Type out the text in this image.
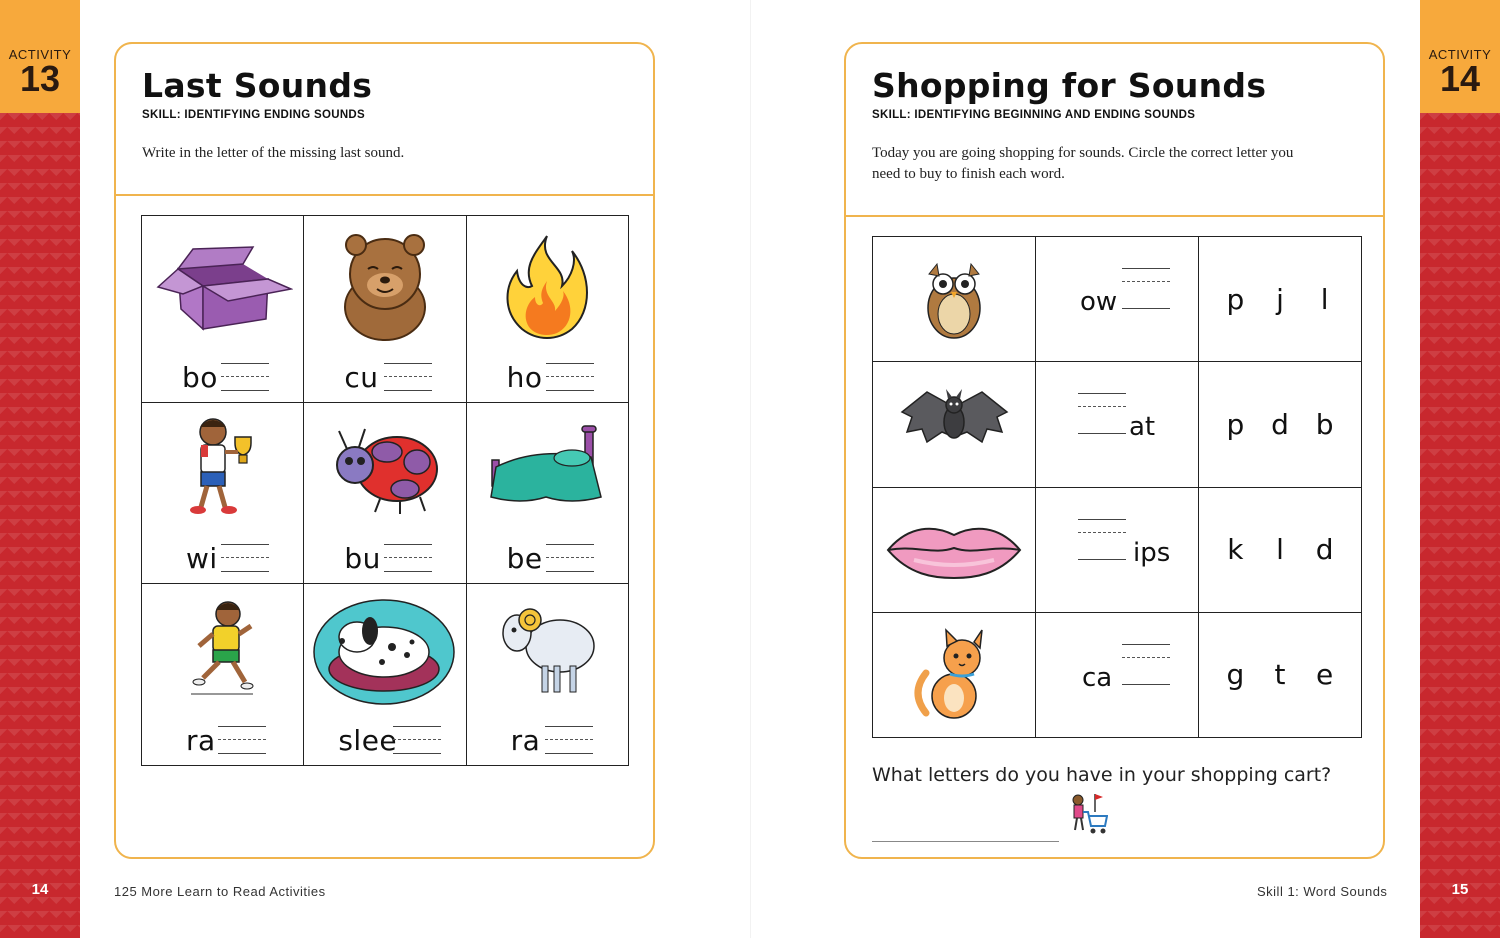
ACTIVITY
13
14
ACTIVITY
14
15
125 More Learn to Read Activities	Skill 1: Word Sounds
Last Sounds
SKILL: IDENTIFYING ENDING SOUNDS
Write in the letter of the missing last sound.
bo	cu	ho

wi	bu	be

ra	slee	ra
Shopping for Sounds
SKILL: IDENTIFYING BEGINNING AND ENDING SOUNDS
Today you are going shopping for sounds. Circle the correct letter you
need to buy to finish each word.

ow	p j l

at	p d b

ips	k l d

ca	g t e
What letters do you have in your shopping cart?
